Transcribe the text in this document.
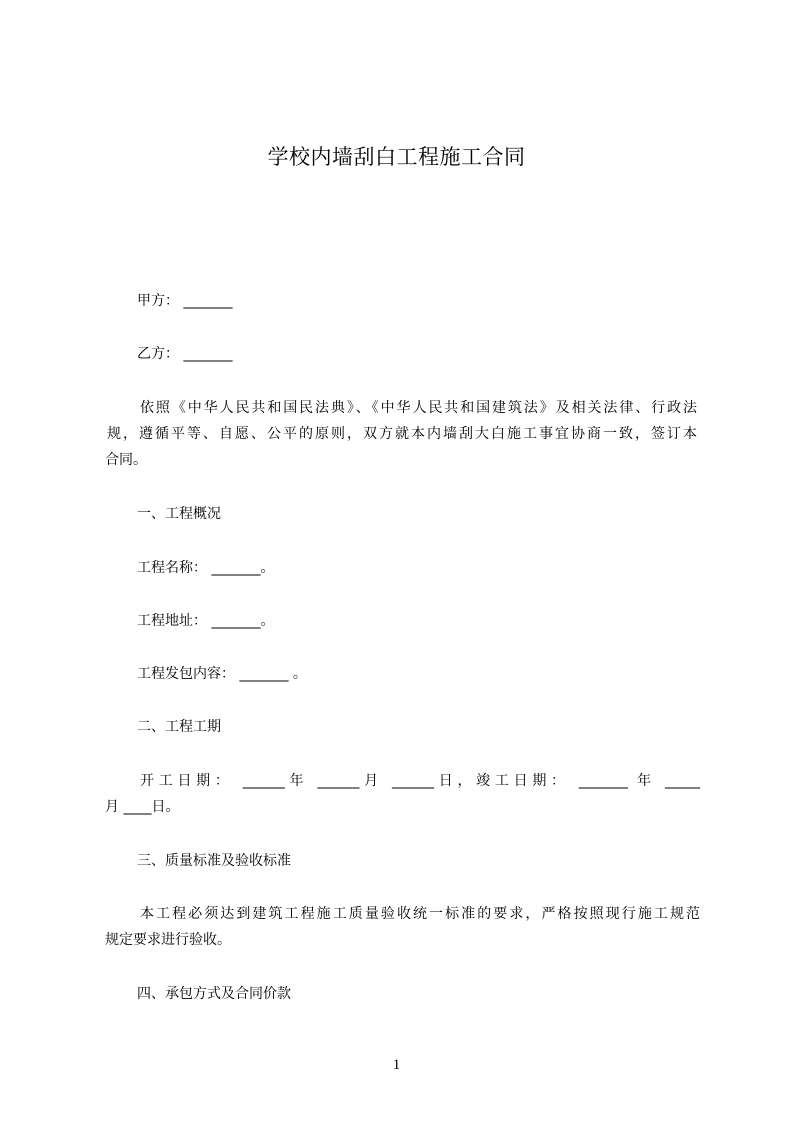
学校内墙刮白工程施工合同
甲方： _______
乙方： _______
依照《中华人民共和国民法典》、《中华人民共和国建筑法》及相关法律、行政法
规，遵循平等、自愿、公平的原则，双方就本内墙刮大白施工事宜协商一致，签订本
合同。
一、工程概况
工程名称： _______。
工程地址： _______。
工程发包内容： _______ 。
二、工程工期
开工日期： ______年 ______月 ______日，竣工日期： _______ 年 _____
月 ____日。
三、质量标准及验收标准
本工程必须达到建筑工程施工质量验收统一标准的要求，严格按照现行施工规范
规定要求进行验收。
四、承包方式及合同价款
1
